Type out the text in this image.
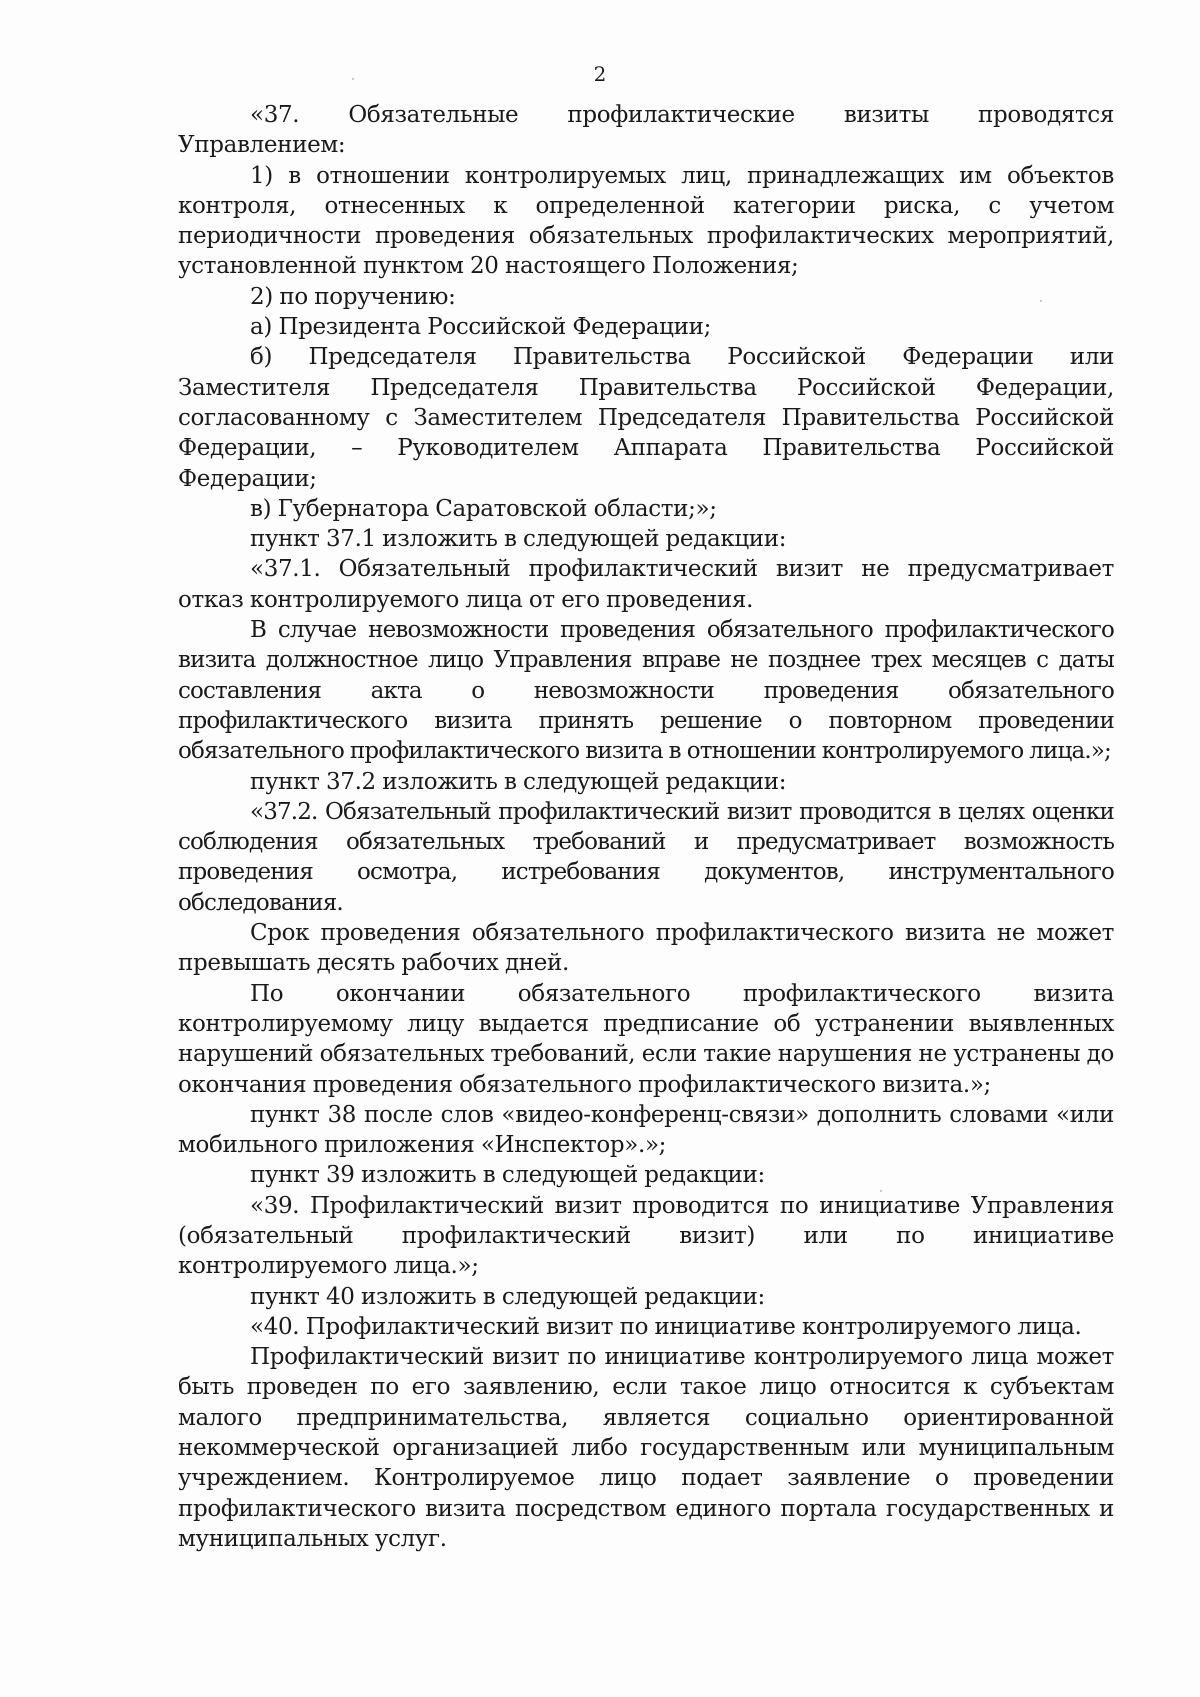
2

«37. Обязательные профилактические визиты проводятся Управлением:

1) в отношении контролируемых лиц, принадлежащих им объектов контроля, отнесенных к определенной категории риска, с учетом периодичности проведения обязательных профилактических мероприятий, установленной пунктом 20 настоящего Положения;

2) по поручению:

а) Президента Российской Федерации;

б) Председателя Правительства Российской Федерации или Заместителя Председателя Правительства Российской Федерации, согласованному с Заместителем Председателя Правительства Российской Федерации, – Руководителем Аппарата Правительства Российской Федерации;

в) Губернатора Саратовской области;»;

пункт 37.1 изложить в следующей редакции:

«37.1. Обязательный профилактический визит не предусматривает отказ контролируемого лица от его проведения.

В случае невозможности проведения обязательного профилактического визита должностное лицо Управления вправе не позднее трех месяцев с даты составления акта о невозможности проведения обязательного профилактического визита принять решение о повторном проведении обязательного профилактического визита в отношении контролируемого лица.»;

пункт 37.2 изложить в следующей редакции:

«37.2. Обязательный профилактический визит проводится в целях оценки соблюдения обязательных требований и предусматривает возможность проведения осмотра, истребования документов, инструментального обследования.

Срок проведения обязательного профилактического визита не может превышать десять рабочих дней.

По окончании обязательного профилактического визита контролируемому лицу выдается предписание об устранении выявленных нарушений обязательных требований, если такие нарушения не устранены до окончания проведения обязательного профилактического визита.»;

пункт 38 после слов «видео-конференц-связи» дополнить словами «или мобильного приложения «Инспектор».»;

пункт 39 изложить в следующей редакции:

«39. Профилактический визит проводится по инициативе Управления (обязательный профилактический визит) или по инициативе контролируемого лица.»;

пункт 40 изложить в следующей редакции:

«40. Профилактический визит по инициативе контролируемого лица.

Профилактический визит по инициативе контролируемого лица может быть проведен по его заявлению, если такое лицо относится к субъектам малого предпринимательства, является социально ориентированной некоммерческой организацией либо государственным или муниципальным учреждением. Контролируемое лицо подает заявление о проведении профилактического визита посредством единого портала государственных и муниципальных услуг.
